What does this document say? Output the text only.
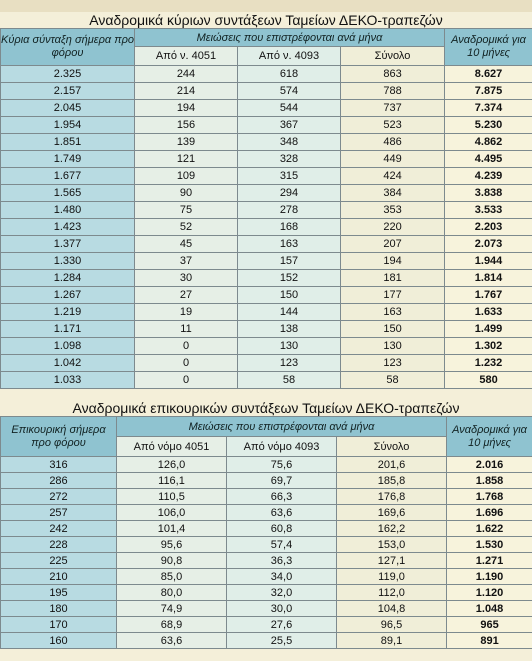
Αναδρομικά κύριων συντάξεων Ταμείων ΔΕΚΟ-τραπεζών
Κύρια σύνταξη σήμερα προ φόρου	Μειώσεις που επιστρέφονται ανά μήνα			Αναδρομικά για 10 μήνες
	Από ν. 4051	Από ν. 4093	Σύνολο	
2.325	244	618	863	8.627
2.157	214	574	788	7.875
2.045	194	544	737	7.374
1.954	156	367	523	5.230
1.851	139	348	486	4.862
1.749	121	328	449	4.495
1.677	109	315	424	4.239
1.565	90	294	384	3.838
1.480	75	278	353	3.533
1.423	52	168	220	2.203
1.377	45	163	207	2.073
1.330	37	157	194	1.944
1.284	30	152	181	1.814
1.267	27	150	177	1.767
1.219	19	144	163	1.633
1.171	11	138	150	1.499
1.098	0	130	130	1.302
1.042	0	123	123	1.232
1.033	0	58	58	580
Αναδρομικά επικουρικών συντάξεων Ταμείων ΔΕΚΟ-τραπεζών
Επικουρική σήμερα προ φόρου	Μειώσεις που επιστρέφονται ανά μήνα			Αναδρομικά για 10 μήνες
	Από νόμο 4051	Από νόμο 4093	Σύνολο	
316	126,0	75,6	201,6	2.016
286	116,1	69,7	185,8	1.858
272	110,5	66,3	176,8	1.768
257	106,0	63,6	169,6	1.696
242	101,4	60,8	162,2	1.622
228	95,6	57,4	153,0	1.530
225	90,8	36,3	127,1	1.271
210	85,0	34,0	119,0	1.190
195	80,0	32,0	112,0	1.120
180	74,9	30,0	104,8	1.048
170	68,9	27,6	96,5	965
160	63,6	25,5	89,1	891
